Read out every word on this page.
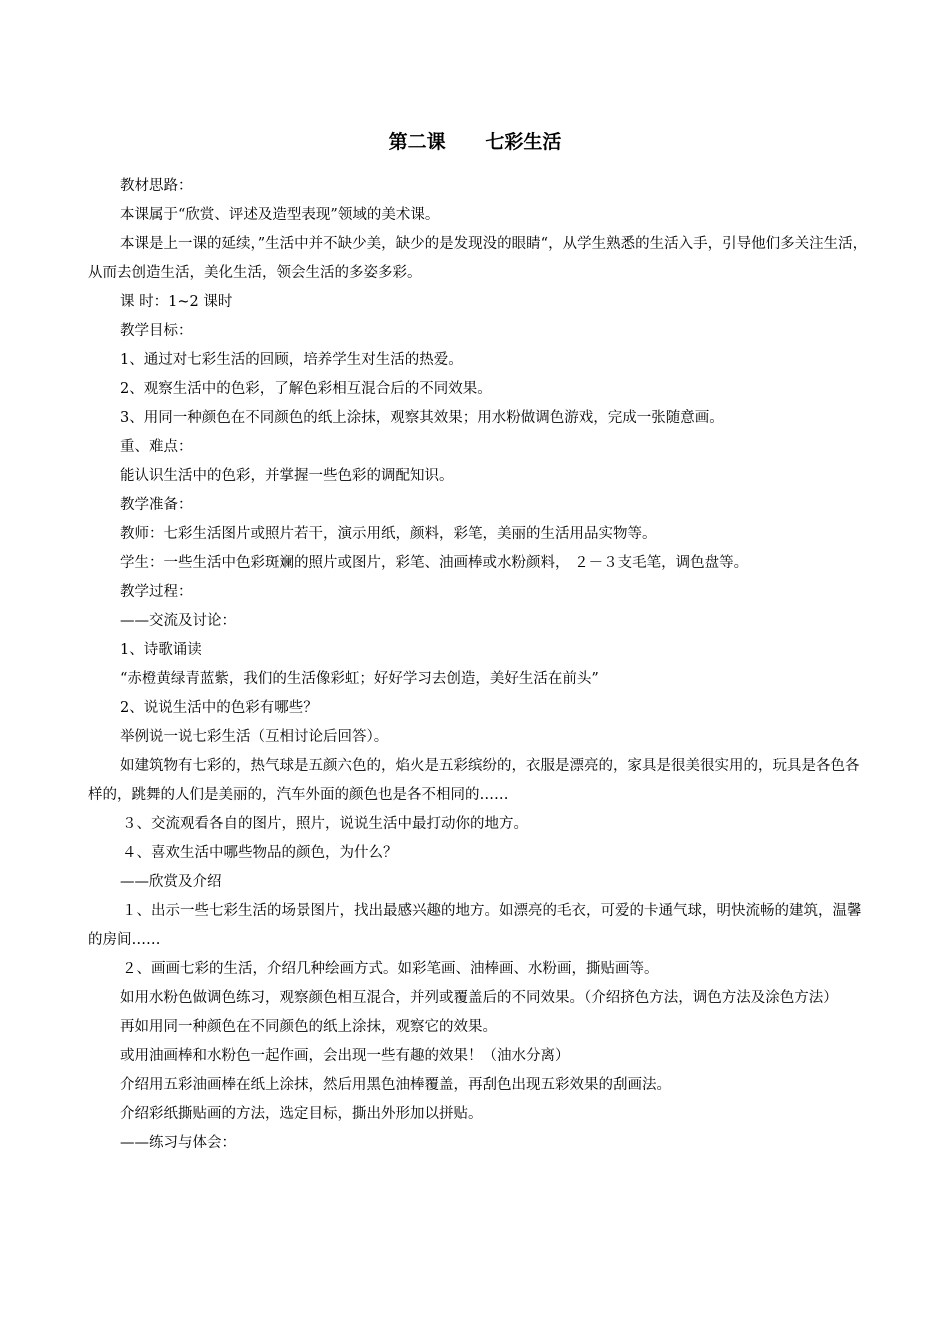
第二课      七彩生活

教材思路：

本课属于“欣赏、评述及造型表现”领域的美术课。

本课是上一课的延续，”生活中并不缺少美，缺少的是发现没的眼睛“，从学生熟悉的生活入手，引导他们多关注生活，从而去创造生活，美化生活，领会生活的多姿多彩。

课 时：1~2 课时

教学目标：

1、通过对七彩生活的回顾，培养学生对生活的热爱。

2、观察生活中的色彩，了解色彩相互混合后的不同效果。

3、用同一种颜色在不同颜色的纸上涂抹，观察其效果；用水粉做调色游戏，完成一张随意画。

重、难点：

能认识生活中的色彩，并掌握一些色彩的调配知识。

教学准备：

教师：七彩生活图片或照片若干，演示用纸，颜料，彩笔，美丽的生活用品实物等。

学生：一些生活中色彩斑斓的照片或图片，彩笔、油画棒或水粉颜料， ２－３支毛笔，调色盘等。

教学过程：

——交流及讨论：

1、诗歌诵读

“赤橙黄绿青蓝紫，我们的生活像彩虹；好好学习去创造，美好生活在前头”

2、说说生活中的色彩有哪些？

举例说一说七彩生活（互相讨论后回答）。

如建筑物有七彩的，热气球是五颜六色的，焰火是五彩缤纷的，衣服是漂亮的，家具是很美很实用的，玩具是各色各样的，跳舞的人们是美丽的，汽车外面的颜色也是各不相同的……

３、交流观看各自的图片，照片，说说生活中最打动你的地方。

４、喜欢生活中哪些物品的颜色，为什么？

——欣赏及介绍

１、出示一些七彩生活的场景图片，找出最感兴趣的地方。如漂亮的毛衣，可爱的卡通气球，明快流畅的建筑，温馨的房间……

２、画画七彩的生活，介绍几种绘画方式。如彩笔画、油棒画、水粉画，撕贴画等。

如用水粉色做调色练习，观察颜色相互混合，并列或覆盖后的不同效果。（介绍挤色方法，调色方法及涂色方法）

再如用同一种颜色在不同颜色的纸上涂抹，观察它的效果。

或用油画棒和水粉色一起作画，会出现一些有趣的效果！（油水分离）

介绍用五彩油画棒在纸上涂抹，然后用黑色油棒覆盖，再刮色出现五彩效果的刮画法。

介绍彩纸撕贴画的方法，选定目标，撕出外形加以拼贴。

——练习与体会：
